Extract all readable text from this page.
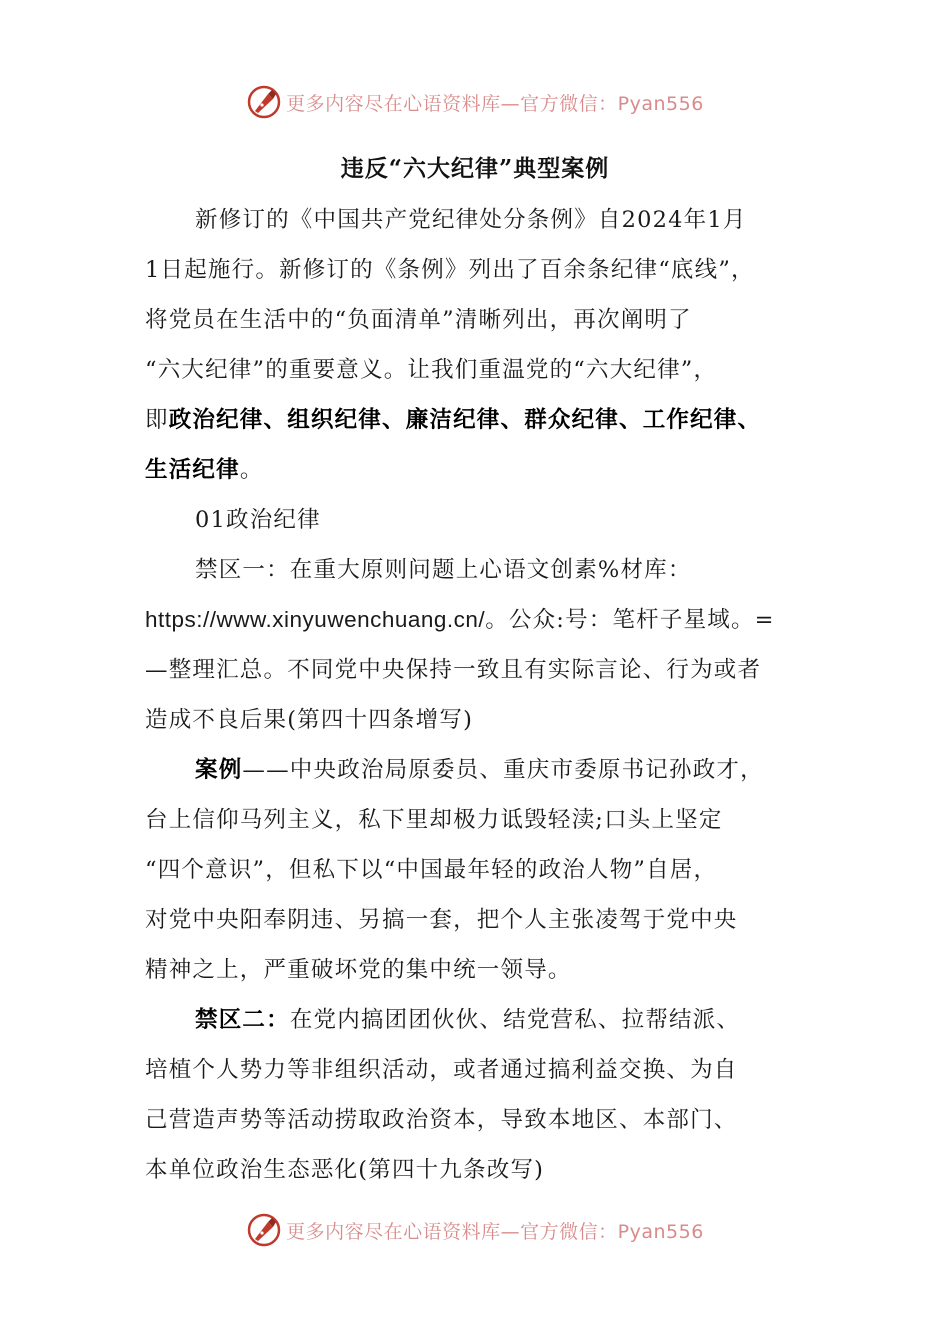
更多内容尽在心语资料库—官方微信：Pyan556
违反“六大纪律”典型案例
新修订的《中国共产党纪律处分条例》自2024年1月
1日起施行。新修订的《条例》列出了百余条纪律“底线”，
将党员在生活中的“负面清单”清晰列出，再次阐明了
“六大纪律”的重要意义。让我们重温党的“六大纪律”，
即政治纪律、组织纪律、廉洁纪律、群众纪律、工作纪律、
生活纪律。
01政治纪律
禁区一：在重大原则问题上心语文创素%材库：
https://www.xinyuwenchuang.cn/。公众:号：笔杆子星域。=
—整理汇总。不同党中央保持一致且有实际言论、行为或者
造成不良后果(第四十四条增写)
案例——中央政治局原委员、重庆市委原书记孙政才，
台上信仰马列主义，私下里却极力诋毁轻渎;口头上坚定
“四个意识”，但私下以“中国最年轻的政治人物”自居，
对党中央阳奉阴违、另搞一套，把个人主张凌驾于党中央
精神之上，严重破坏党的集中统一领导。
禁区二：在党内搞团团伙伙、结党营私、拉帮结派、
培植个人势力等非组织活动，或者通过搞利益交换、为自
己营造声势等活动捞取政治资本，导致本地区、本部门、
本单位政治生态恶化(第四十九条改写)
更多内容尽在心语资料库—官方微信：Pyan556
